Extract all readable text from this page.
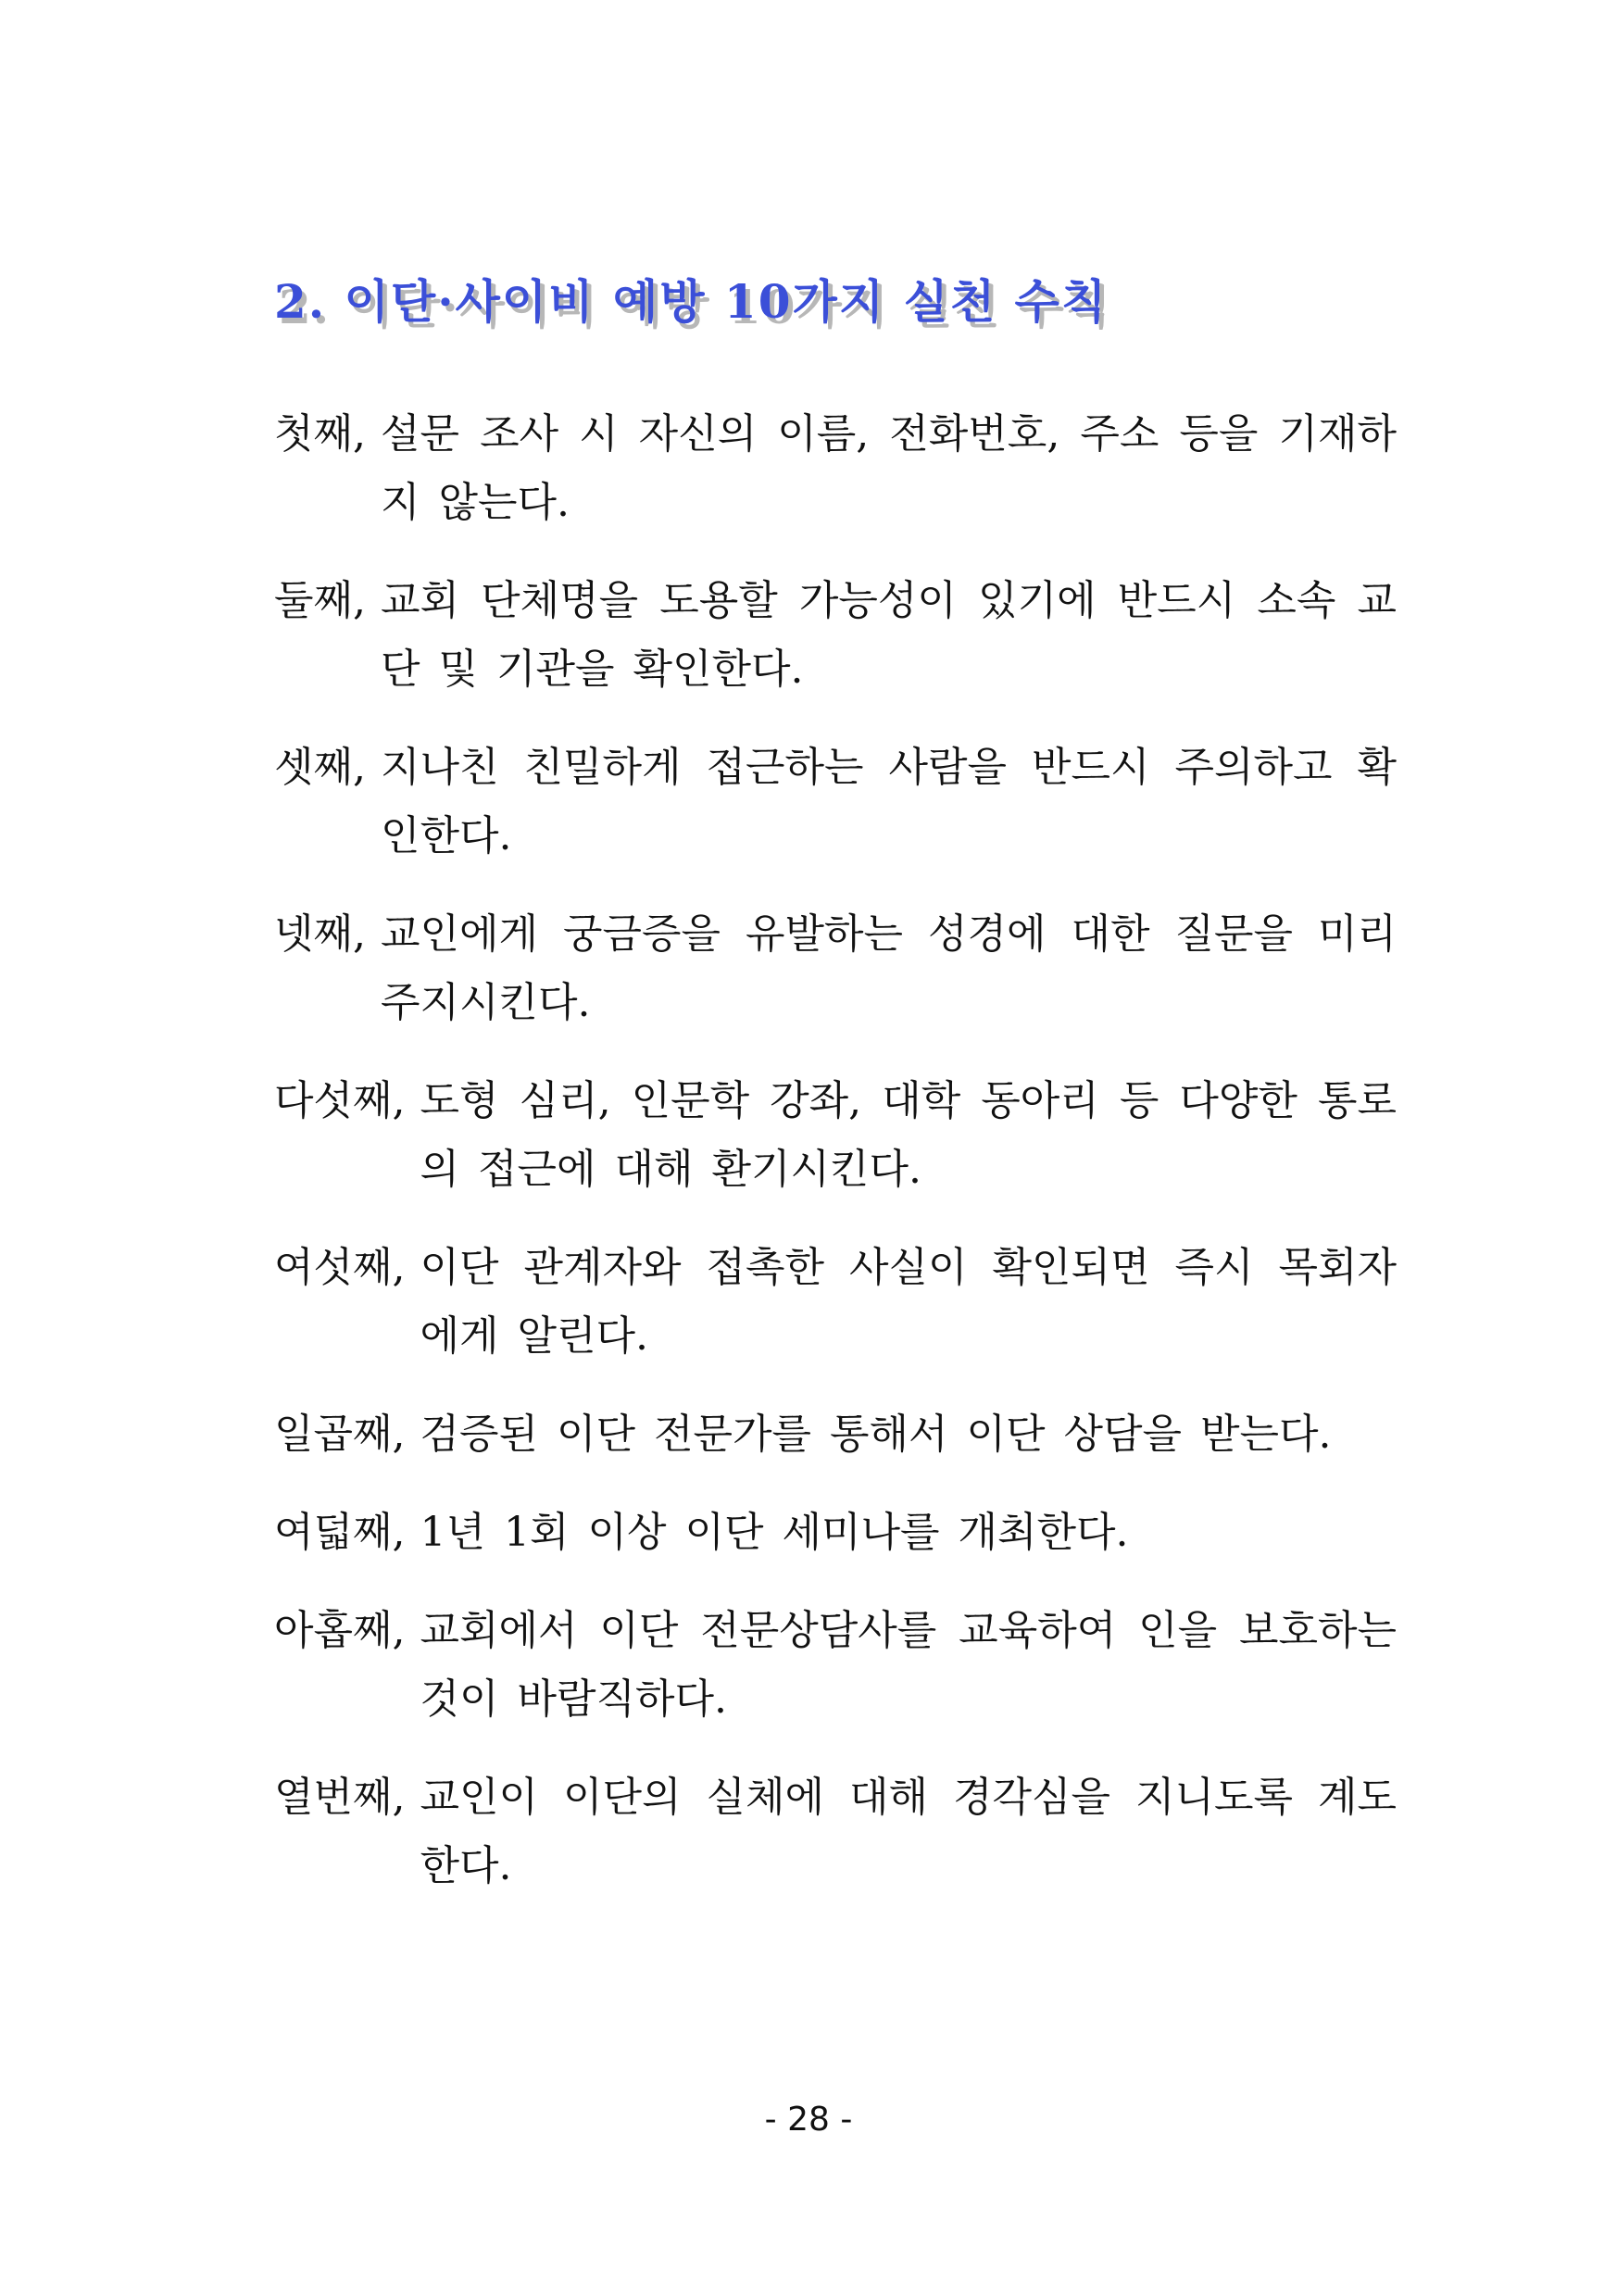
2. 이단·사이비 예방 10가지 실천 수칙
첫째, 설문 조사 시 자신의 이름, 전화번호, 주소 등을 기재하지 않는다.
둘째, 교회 단체명을 도용할 가능성이 있기에 반드시 소속 교단 및 기관을 확인한다.
셋째, 지나친 친밀하게 접근하는 사람을 반드시 주의하고 확인한다.
넷째, 교인에게 궁금증을 유발하는 성경에 대한 질문을 미리 주지시킨다.
다섯째, 도형 심리, 인문학 강좌, 대학 동아리 등 다양한 통로의 접근에 대해 환기시킨다.
여섯째, 이단 관계자와 접촉한 사실이 확인되면 즉시 목회자에게 알린다.
일곱째, 검증된 이단 전문가를 통해서 이단 상담을 받는다.
여덟째, 1년 1회 이상 이단 세미나를 개최한다.
아홉째, 교회에서 이단 전문상담사를 교육하여 인을 보호하는 것이 바람직하다.
열번째, 교인이 이단의 실체에 대해 경각심을 지니도록 계도한다.
- 28 -
